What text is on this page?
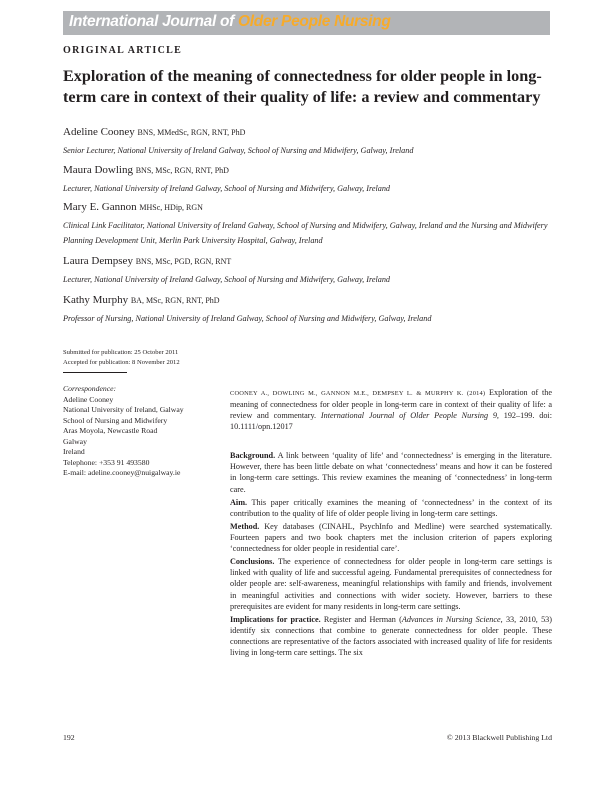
International Journal of Older People Nursing
ORIGINAL ARTICLE
Exploration of the meaning of connectedness for older people in long-term care in context of their quality of life: a review and commentary
Adeline Cooney BNS, MMedSc, RGN, RNT, PhD
Senior Lecturer, National University of Ireland Galway, School of Nursing and Midwifery, Galway, Ireland
Maura Dowling BNS, MSc, RGN, RNT, PhD
Lecturer, National University of Ireland Galway, School of Nursing and Midwifery, Galway, Ireland
Mary E. Gannon MHSc, HDip, RGN
Clinical Link Facilitator, National University of Ireland Galway, School of Nursing and Midwifery, Galway, Ireland and the Nursing and Midwifery Planning Development Unit, Merlin Park University Hospital, Galway, Ireland
Laura Dempsey BNS, MSc, PGD, RGN, RNT
Lecturer, National University of Ireland Galway, School of Nursing and Midwifery, Galway, Ireland
Kathy Murphy BA, MSc, RGN, RNT, PhD
Professor of Nursing, National University of Ireland Galway, School of Nursing and Midwifery, Galway, Ireland
Submitted for publication: 25 October 2011
Accepted for publication: 8 November 2012
Correspondence:
Adeline Cooney
National University of Ireland, Galway
School of Nursing and Midwifery
Aras Moyola, Newcastle Road
Galway
Ireland
Telephone: +353 91 493580
E-mail: adeline.cooney@nuigalway.ie
COONEY A., DOWLING M., GANNON M.E., DEMPSEY L. & MURPHY K. (2014) Exploration of the meaning of connectedness for older people in long-term care in context of their quality of life: a review and commentary. International Journal of Older People Nursing 9, 192–199. doi: 10.1111/opn.12017

Background. A link between ‘quality of life’ and ‘connectedness’ is emerging in the literature. However, there has been little debate on what ‘connectedness’ means and how it can be fostered in long-term care settings. This review examines the meaning of ‘connectedness’ in long-term care.

Aim. This paper critically examines the meaning of ‘connectedness’ in the context of its contribution to the quality of life of older people living in long-term care settings.

Method. Key databases (CINAHL, PsychInfo and Medline) were searched systematically. Fourteen papers and two book chapters met the inclusion criterion of papers exploring ‘connectedness for older people in residential care’.

Conclusions. The experience of connectedness for older people in long-term care settings is linked with quality of life and successful ageing. Fundamental prerequisites of connectedness for older people are: self-awareness, meaningful relationships with family and friends, involvement in meaningful activities and connections with wider society. However, barriers to these prerequisites are evident for many residents in long-term care settings.

Implications for practice. Register and Herman (Advances in Nursing Science, 33, 2010, 53) identify six connections that combine to generate connectedness for older people. These connections are representative of the factors associated with increased quality of life for residents living in long-term care settings. The six

192	© 2013 Blackwell Publishing Ltd
